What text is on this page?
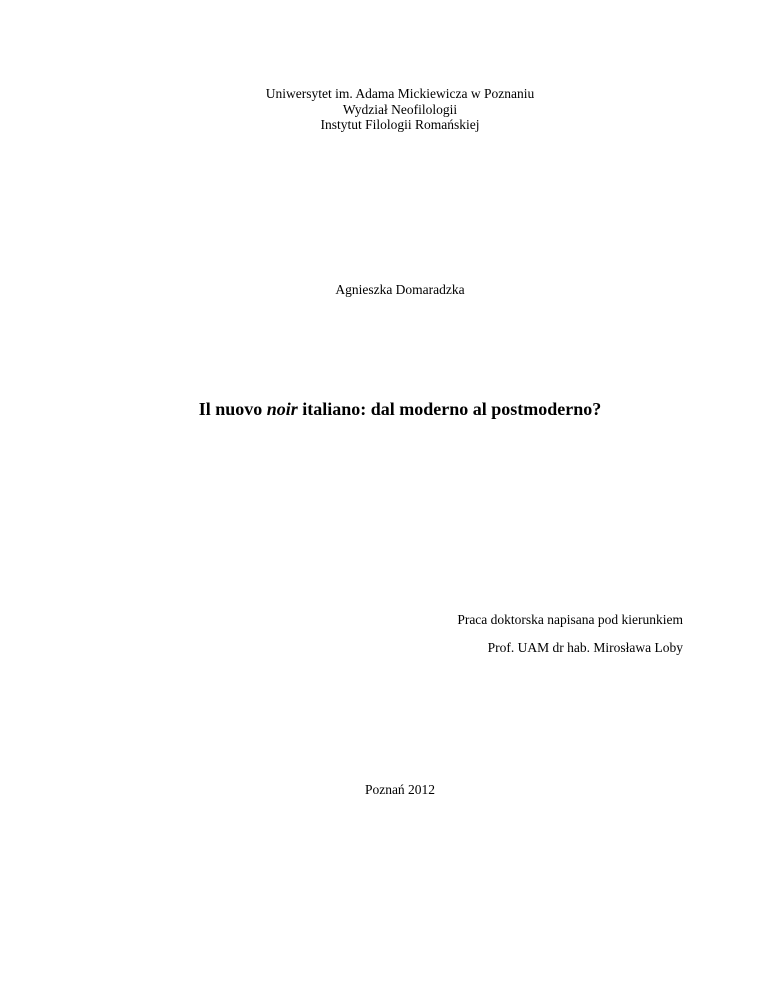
Uniwersytet im. Adama Mickiewicza w Poznaniu
Wydział Neofilologii
Instytut Filologii Romańskiej
Agnieszka Domaradzka
Il nuovo noir italiano: dal moderno al postmoderno?
Praca doktorska napisana pod kierunkiem
Prof. UAM dr hab. Mirosława Loby
Poznań 2012
